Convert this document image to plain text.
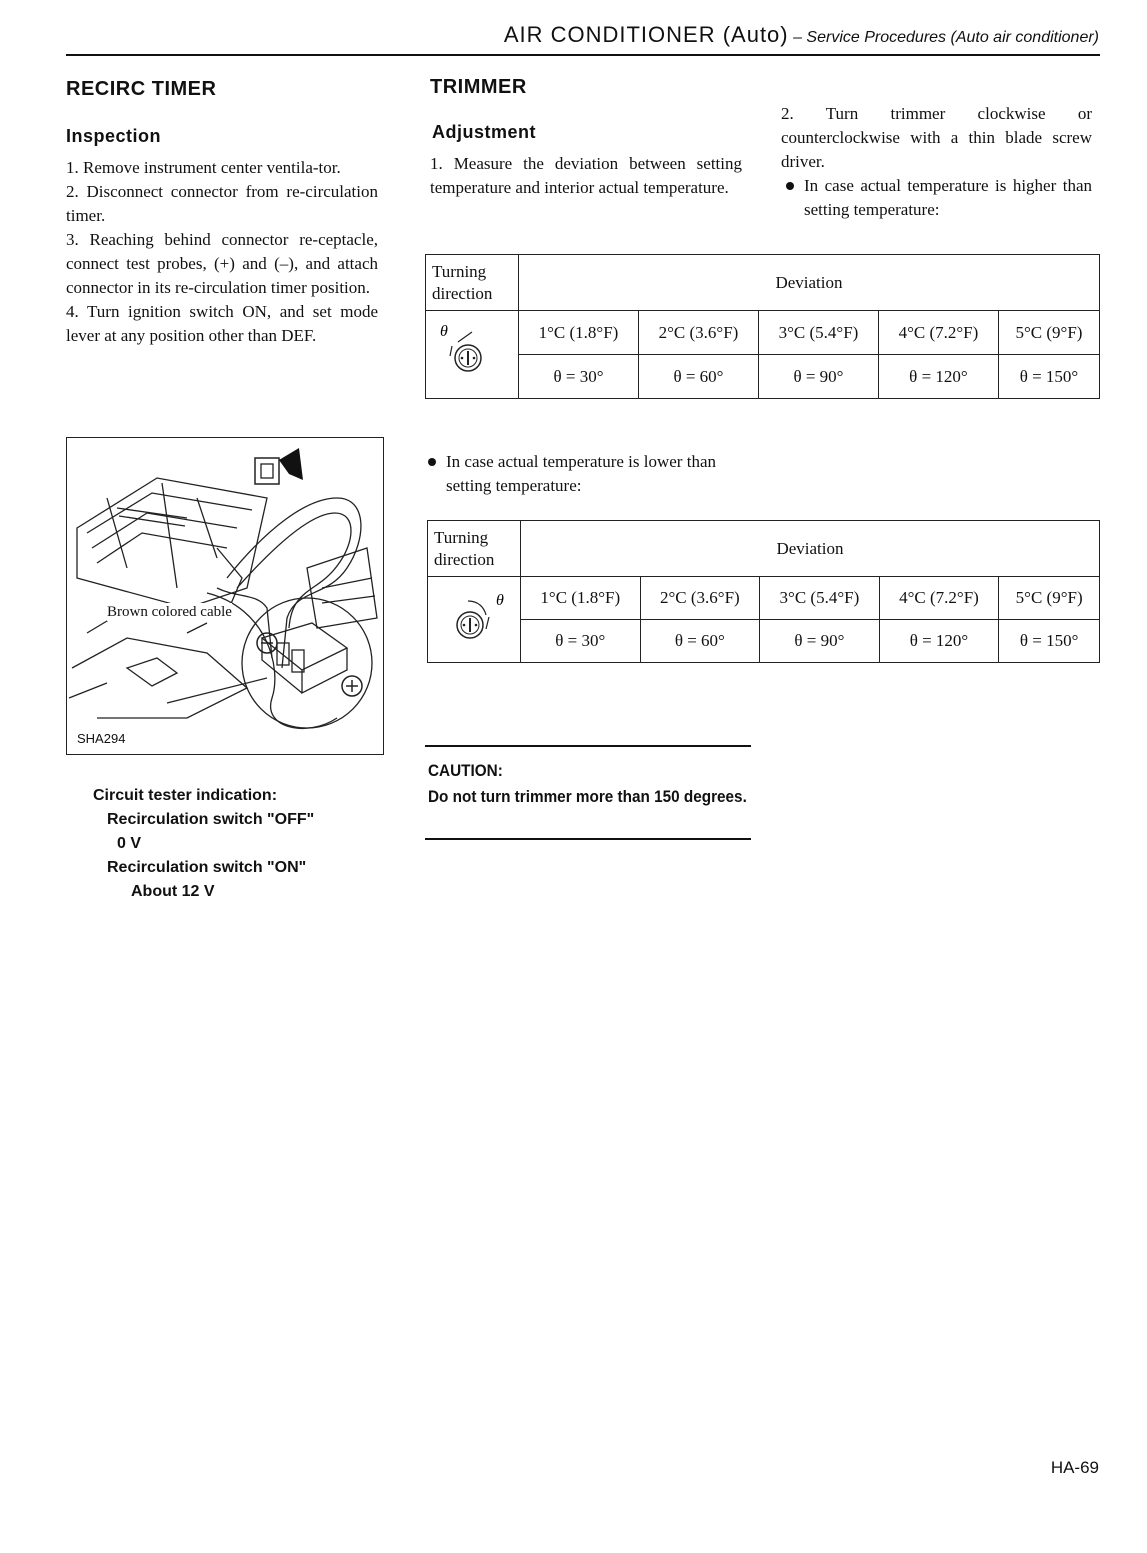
AIR CONDITIONER (Auto) – Service Procedures (Auto air conditioner)
RECIRC TIMER
Inspection
1. Remove instrument center ventila-tor.
2. Disconnect connector from re-circulation timer.
3. Reaching behind connector re-ceptacle, connect test probes, (+) and (–), and attach connector in its re-circulation timer position.
4. Turn ignition switch ON, and set mode lever at any position other than DEF.
Brown colored cable
SHA294
Circuit tester indication:
Recirculation switch "OFF"
0 V
Recirculation switch "ON"
About 12 V
TRIMMER
Adjustment
1. Measure the deviation between setting temperature and interior actual temperature.
2. Turn trimmer clockwise or counterclockwise with a thin blade screw driver.
In case actual temperature is higher than setting temperature:
Turning direction	Deviation				

θ	1°C (1.8°F)	2°C (3.6°F)	3°C (5.4°F)	4°C (7.2°F)	5°C (9°F)
	θ = 30°	θ = 60°	θ = 90°	θ = 120°	θ = 150°
In case actual temperature is lower than setting temperature:
Turning direction	Deviation				

θ	1°C (1.8°F)	2°C (3.6°F)	3°C (5.4°F)	4°C (7.2°F)	5°C (9°F)
	θ = 30°	θ = 60°	θ = 90°	θ = 120°	θ = 150°
CAUTION:
Do not turn trimmer more than 150 degrees.
HA-69
